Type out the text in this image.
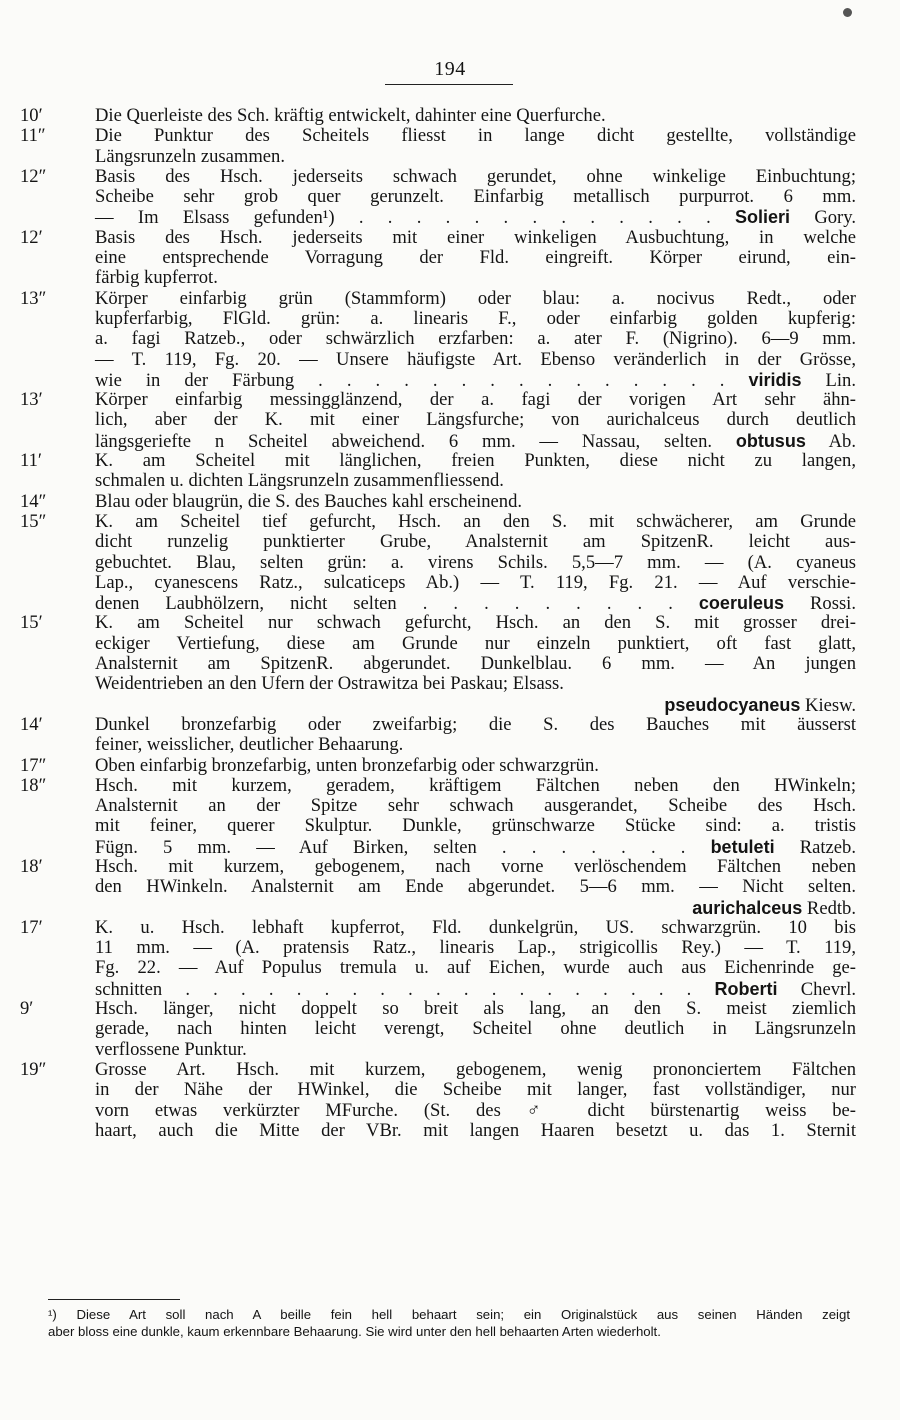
194
10′	Die Querleiste des Sch. kräftig entwickelt, dahinter eine Querfurche.
11″	Die Punktur des Scheitels fliesst in lange dicht gestellte, vollständige
Längsrunzeln zusammen.
12″	Basis des Hsch. jederseits schwach gerundet, ohne winkelige Einbuchtung;
Scheibe sehr grob quer gerunzelt. Einfarbig metallisch purpurrot. 6 mm.
— Im Elsass gefunden¹) . . . . . . . . . . . . . Solieri Gory.
12′	Basis des Hsch. jederseits mit einer winkeligen Ausbuchtung, in welche
eine entsprechende Vorragung der Fld. eingreift. Körper eirund, ein-
färbig kupferrot.
13″	Körper einfarbig grün (Stammform) oder blau: a. nocivus Redt., oder
kupferfarbig, FlGld. grün: a. linearis F., oder einfarbig golden kupferig:
a. fagi Ratzeb., oder schwärzlich erzfarben: a. ater F. (Nigrino). 6—9 mm.
— T. 119, Fg. 20. — Unsere häufigste Art. Ebenso veränderlich in der Grösse,
wie in der Färbung . . . . . . . . . . . . . . . viridis Lin.
13′	Körper einfarbig messingglänzend, der a. fagi der vorigen Art sehr ähn-
lich, aber der K. mit einer Längsfurche; von aurichalceus durch deutlich
längsgeriefte n Scheitel abweichend. 6 mm. — Nassau, selten. obtusus Ab.
11′	K. am Scheitel mit länglichen, freien Punkten, diese nicht zu langen,
schmalen u. dichten Längsrunzeln zusammenfliessend.
14″	Blau oder blaugrün, die S. des Bauches kahl erscheinend.
15″	K. am Scheitel tief gefurcht, Hsch. an den S. mit schwächerer, am Grunde
dicht runzelig punktierter Grube, Analsternit am SpitzenR. leicht aus-
gebuchtet. Blau, selten grün: a. virens Schils. 5,5—7 mm. — (A. cyaneus
Lap., cyanescens Ratz., sulcaticeps Ab.) — T. 119, Fg. 21. — Auf verschie-
denen Laubhölzern, nicht selten . . . . . . . . . coeruleus Rossi.
15′	K. am Scheitel nur schwach gefurcht, Hsch. an den S. mit grosser drei-
eckiger Vertiefung, diese am Grunde nur einzeln punktiert, oft fast glatt,
Analsternit am SpitzenR. abgerundet. Dunkelblau. 6 mm. — An jungen
Weidentrieben an den Ufern der Ostrawitza bei Paskau; Elsass.
pseudocyaneus Kiesw.
14′	Dunkel bronzefarbig oder zweifarbig; die S. des Bauches mit äusserst
feiner, weisslicher, deutlicher Behaarung.
17″	Oben einfarbig bronzefarbig, unten bronzefarbig oder schwarzgrün.
18″	Hsch. mit kurzem, geradem, kräftigem Fältchen neben den HWinkeln;
Analsternit an der Spitze sehr schwach ausgerandet, Scheibe des Hsch.
mit feiner, querer Skulptur. Dunkle, grünschwarze Stücke sind: a. tristis
Fügn. 5 mm. — Auf Birken, selten . . . . . . . betuleti Ratzeb.
18′	Hsch. mit kurzem, gebogenem, nach vorne verlöschendem Fältchen neben
den HWinkeln. Analsternit am Ende abgerundet. 5—6 mm. — Nicht selten.
aurichalceus Redtb.
17′	K. u. Hsch. lebhaft kupferrot, Fld. dunkelgrün, US. schwarzgrün. 10 bis
11 mm. — (A. pratensis Ratz., linearis Lap., strigicollis Rey.) — T. 119,
Fg. 22. — Auf Populus tremula u. auf Eichen, wurde auch aus Eichenrinde ge-
schnitten . . . . . . . . . . . . . . . . . . . Roberti Chevrl.
9′	Hsch. länger, nicht doppelt so breit als lang, an den S. meist ziemlich
gerade, nach hinten leicht verengt, Scheitel ohne deutlich in Längsrunzeln
verflossene Punktur.
19″	Grosse Art. Hsch. mit kurzem, gebogenem, wenig prononciertem Fältchen
in der Nähe der HWinkel, die Scheibe mit langer, fast vollständiger, nur
vorn etwas verkürzter MFurche. (St. des ♂ dicht bürstenartig weiss be-
haart, auch die Mitte der VBr. mit langen Haaren besetzt u. das 1. Sternit
¹) Diese Art soll nach A beille fein hell behaart sein; ein Originalstück aus seinen Händen zeigt
aber bloss eine dunkle, kaum erkennbare Behaarung. Sie wird unter den hell behaarten Arten wiederholt.
